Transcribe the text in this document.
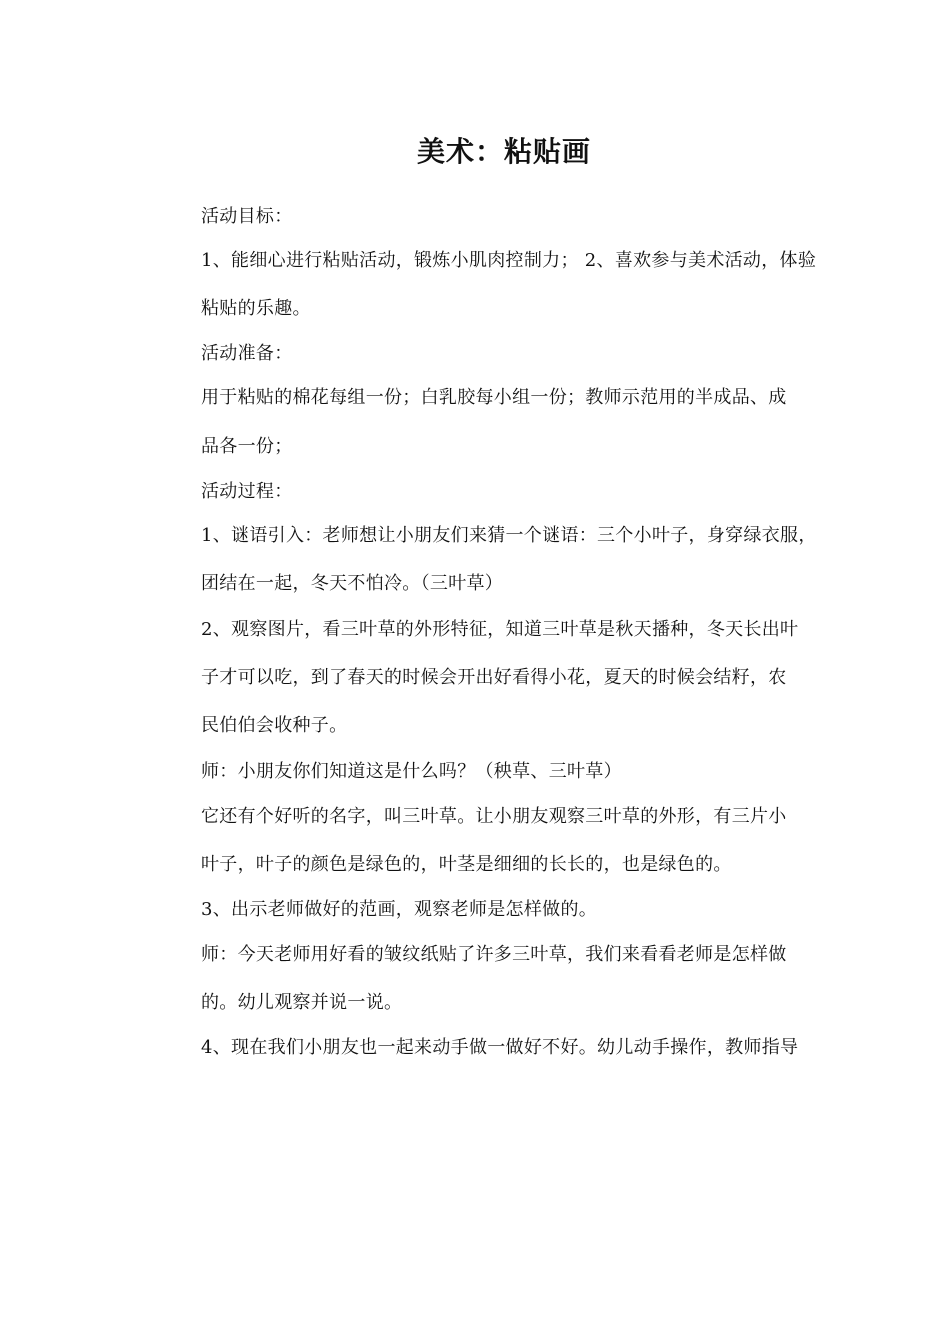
美术：粘贴画
活动目标：
1、能细心进行粘贴活动，锻炼小肌肉控制力； 2、喜欢参与美术活动，体验
粘贴的乐趣。
活动准备：
用于粘贴的棉花每组一份；白乳胶每小组一份；教师示范用的半成品、成
品各一份；
活动过程：
1、谜语引入：老师想让小朋友们来猜一个谜语：三个小叶子，身穿绿衣服，
团结在一起，冬天不怕冷。（三叶草）
2、观察图片，看三叶草的外形特征，知道三叶草是秋天播种，冬天长出叶
子才可以吃，到了春天的时候会开出好看得小花，夏天的时候会结籽，农
民伯伯会收种子。
师：小朋友你们知道这是什么吗？（秧草、三叶草）
它还有个好听的名字，叫三叶草。让小朋友观察三叶草的外形，有三片小
叶子，叶子的颜色是绿色的，叶茎是细细的长长的，也是绿色的。
3、出示老师做好的范画，观察老师是怎样做的。
师：今天老师用好看的皱纹纸贴了许多三叶草，我们来看看老师是怎样做
的。幼儿观察并说一说。
4、现在我们小朋友也一起来动手做一做好不好。幼儿动手操作，教师指导
